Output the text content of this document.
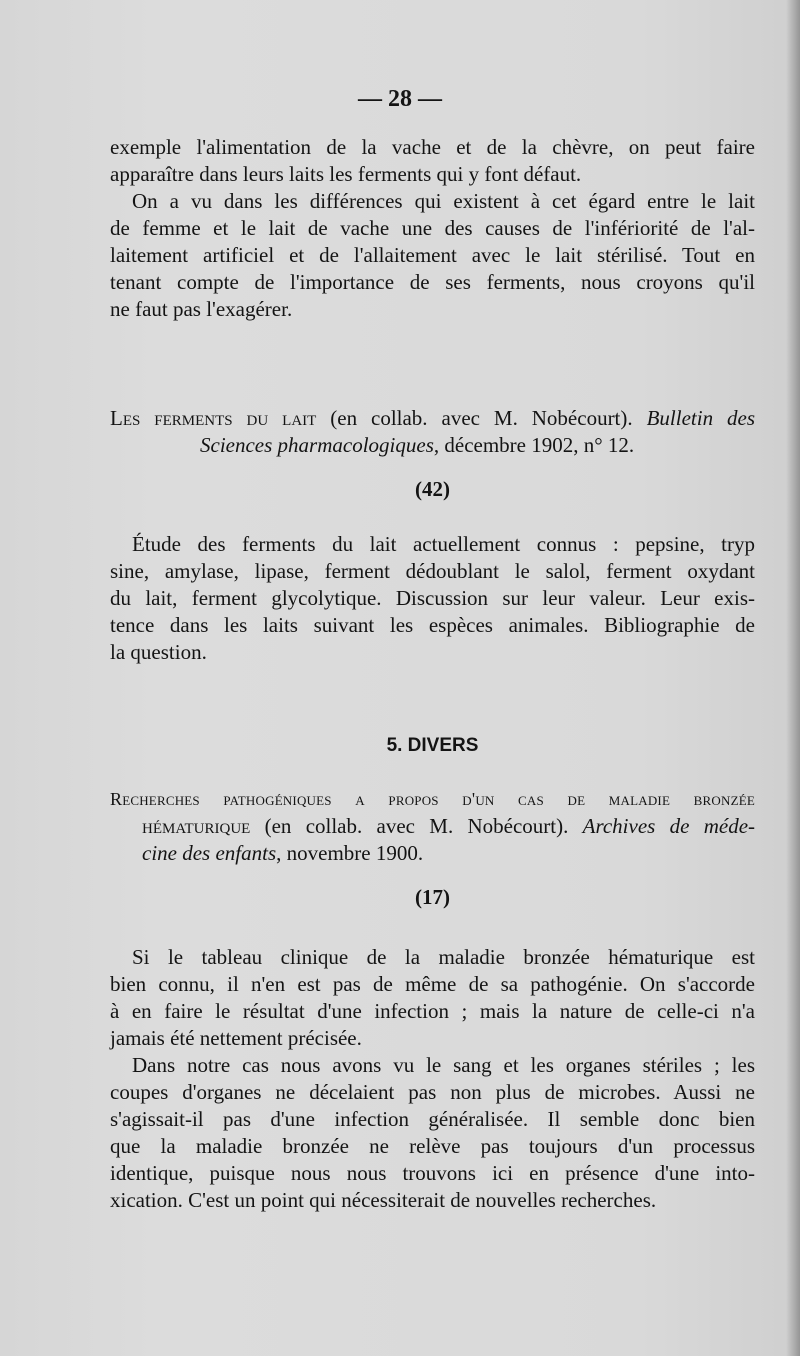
— 28 —
exemple l'alimentation de la vache et de la chèvre, on peut faire
apparaître dans leurs laits les ferments qui y font défaut.
On a vu dans les différences qui existent à cet égard entre le lait
de femme et le lait de vache une des causes de l'infériorité de l'al-
laitement artificiel et de l'allaitement avec le lait stérilisé. Tout en
tenant compte de l'importance de ses ferments, nous croyons qu'il
ne faut pas l'exagérer.
Les ferments du lait (en collab. avec M. Nobécourt). Bulletin des
Sciences pharmacologiques, décembre 1902, n° 12.
(42)
Étude des ferments du lait actuellement connus : pepsine, tryp
sine, amylase, lipase, ferment dédoublant le salol, ferment oxydant
du lait, ferment glycolytique. Discussion sur leur valeur. Leur exis-
tence dans les laits suivant les espèces animales. Bibliographie de
la question.
5. DIVERS
Recherches pathogéniques a propos d'un cas de maladie bronzée
hématurique (en collab. avec M. Nobécourt). Archives de méde-
cine des enfants, novembre 1900.
(17)
Si le tableau clinique de la maladie bronzée hématurique est
bien connu, il n'en est pas de même de sa pathogénie. On s'accorde
à en faire le résultat d'une infection ; mais la nature de celle-ci n'a
jamais été nettement précisée.
Dans notre cas nous avons vu le sang et les organes stériles ; les
coupes d'organes ne décelaient pas non plus de microbes. Aussi ne
s'agissait-il pas d'une infection généralisée. Il semble donc bien
que la maladie bronzée ne relève pas toujours d'un processus
identique, puisque nous nous trouvons ici en présence d'une into-
xication. C'est un point qui nécessiterait de nouvelles recherches.
